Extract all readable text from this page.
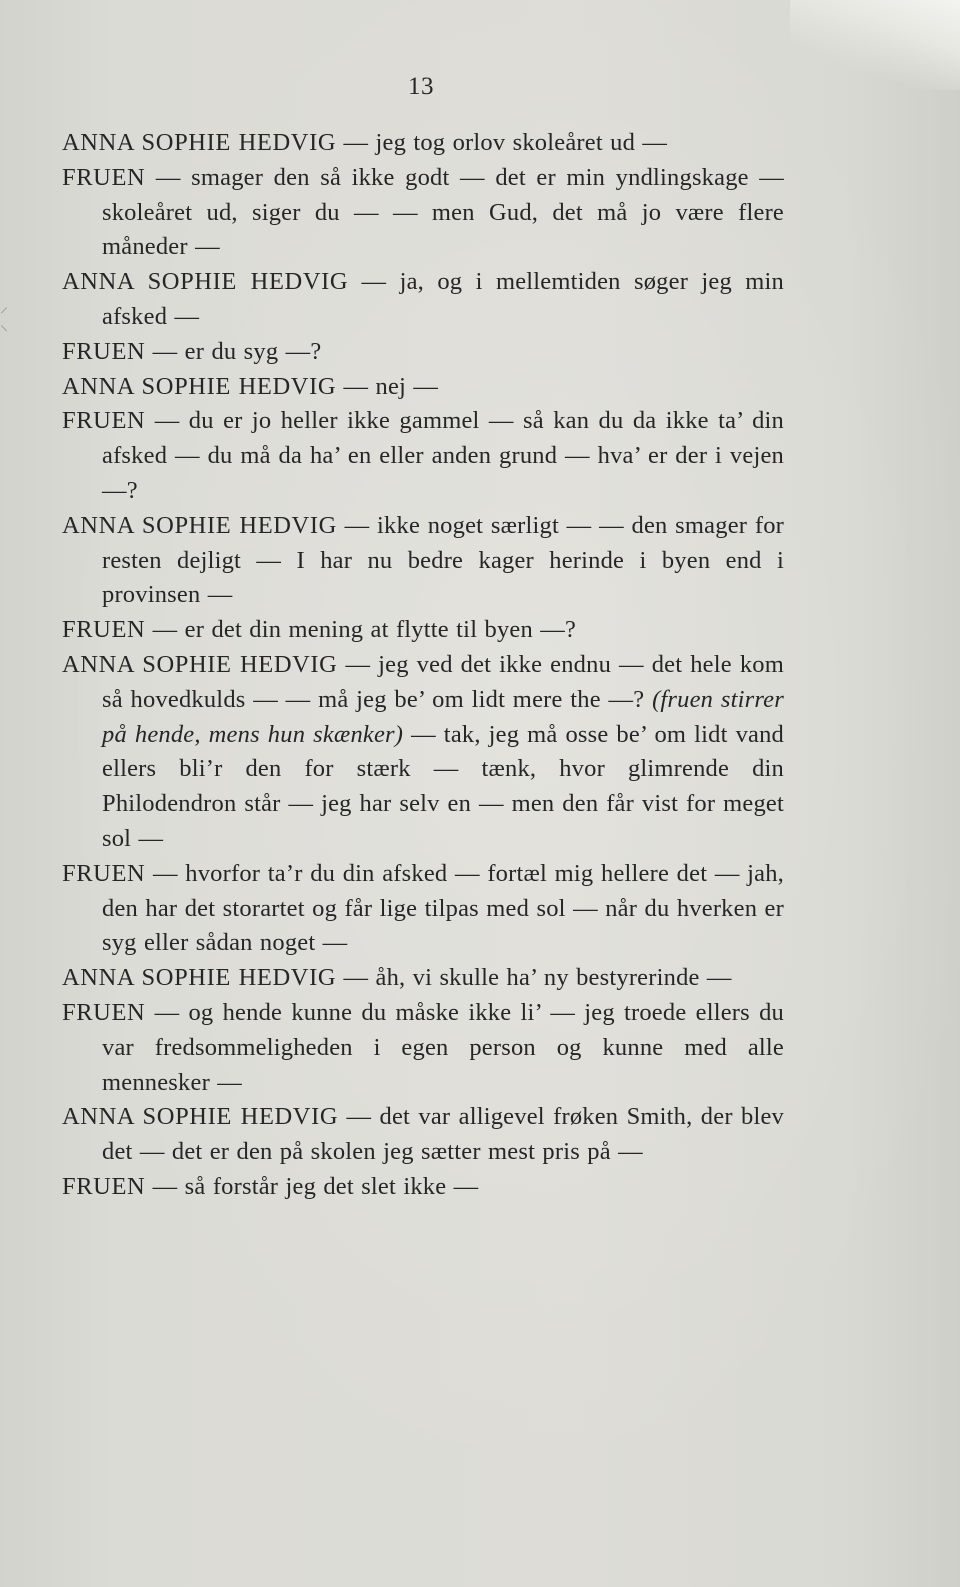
⸝
⸜
13

ANNA SOPHIE HEDVIG — jeg tog orlov skoleåret ud —

FRUEN — smager den så ikke godt — det er min yndlingskage — skoleåret ud, siger du — — men Gud, det må jo være flere måneder —

ANNA SOPHIE HEDVIG — ja, og i mellemtiden søger jeg min afsked —

FRUEN — er du syg —?

ANNA SOPHIE HEDVIG — nej —

FRUEN — du er jo heller ikke gammel — så kan du da ikke ta’ din afsked — du må da ha’ en eller anden grund — hva’ er der i vejen —?

ANNA SOPHIE HEDVIG — ikke noget særligt — — den smager for resten dejligt — I har nu bedre kager herinde i byen end i provinsen —

FRUEN — er det din mening at flytte til byen —?

ANNA SOPHIE HEDVIG — jeg ved det ikke endnu — det hele kom så hovedkulds — — må jeg be’ om lidt mere the —? (fruen stirrer på hende, mens hun skænker) — tak, jeg må osse be’ om lidt vand ellers bli’r den for stærk — tænk, hvor glimrende din Philodendron står — jeg har selv en — men den får vist for meget sol —

FRUEN — hvorfor ta’r du din afsked — fortæl mig hellere det — jah, den har det storartet og får lige tilpas med sol — når du hverken er syg eller sådan noget —

ANNA SOPHIE HEDVIG — åh, vi skulle ha’ ny bestyrerinde —

FRUEN — og hende kunne du måske ikke li’ — jeg troede ellers du var fredsommeligheden i egen person og kunne med alle mennesker —

ANNA SOPHIE HEDVIG — det var alligevel frøken Smith, der blev det — det er den på skolen jeg sætter mest pris på —

FRUEN — så forstår jeg det slet ikke —
